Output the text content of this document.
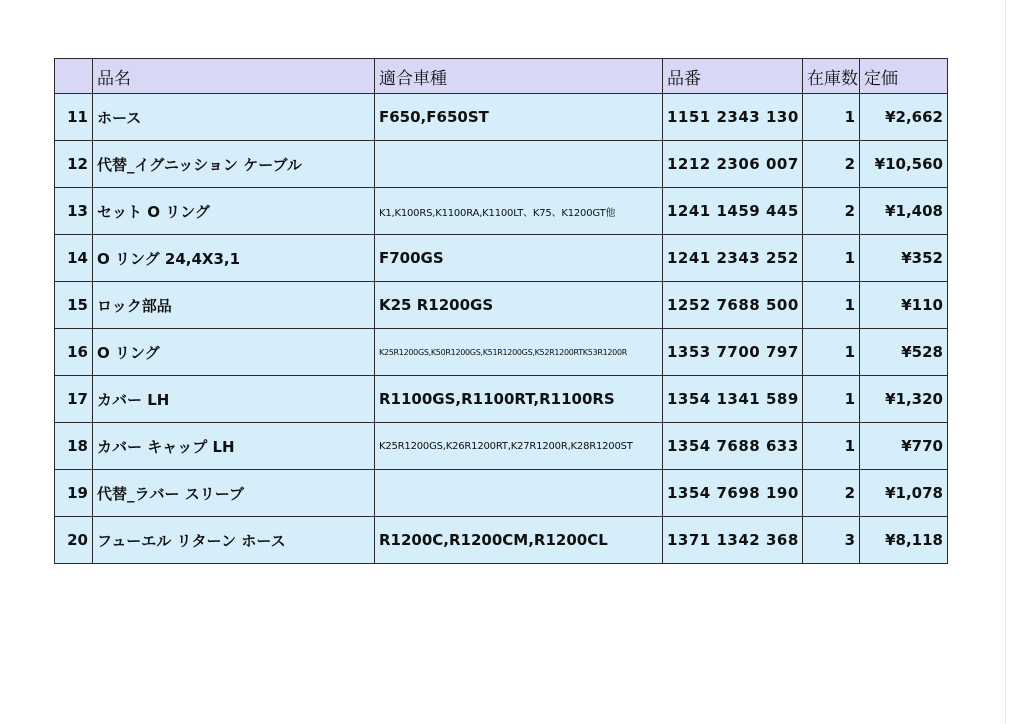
	品名	適合車種	品番	在庫数	定価
11	ホース	F650,F650ST	1151 2343 130	1	¥2,662
12	代替_イグニッション ケーブル		1212 2306 007	2	¥10,560
13	セット O リング	K1,K100RS,K1100RA,K1100LT、K75、K1200GT他	1241 1459 445	2	¥1,408
14	O リング 24,4X3,1	F700GS	1241 2343 252	1	¥352
15	ロック部品	K25 R1200GS	1252 7688 500	1	¥110
16	O リング	K25R1200GS,K50R1200GS,K51R1200GS,K52R1200RTK53R1200R	1353 7700 797	1	¥528
17	カバー LH	R1100GS,R1100RT,R1100RS	1354 1341 589	1	¥1,320
18	カバー キャップ LH	K25R1200GS,K26R1200RT,K27R1200R,K28R1200ST	1354 7688 633	1	¥770
19	代替_ラバー スリーブ		1354 7698 190	2	¥1,078
20	フューエル リターン ホース	R1200C,R1200CM,R1200CL	1371 1342 368	3	¥8,118
